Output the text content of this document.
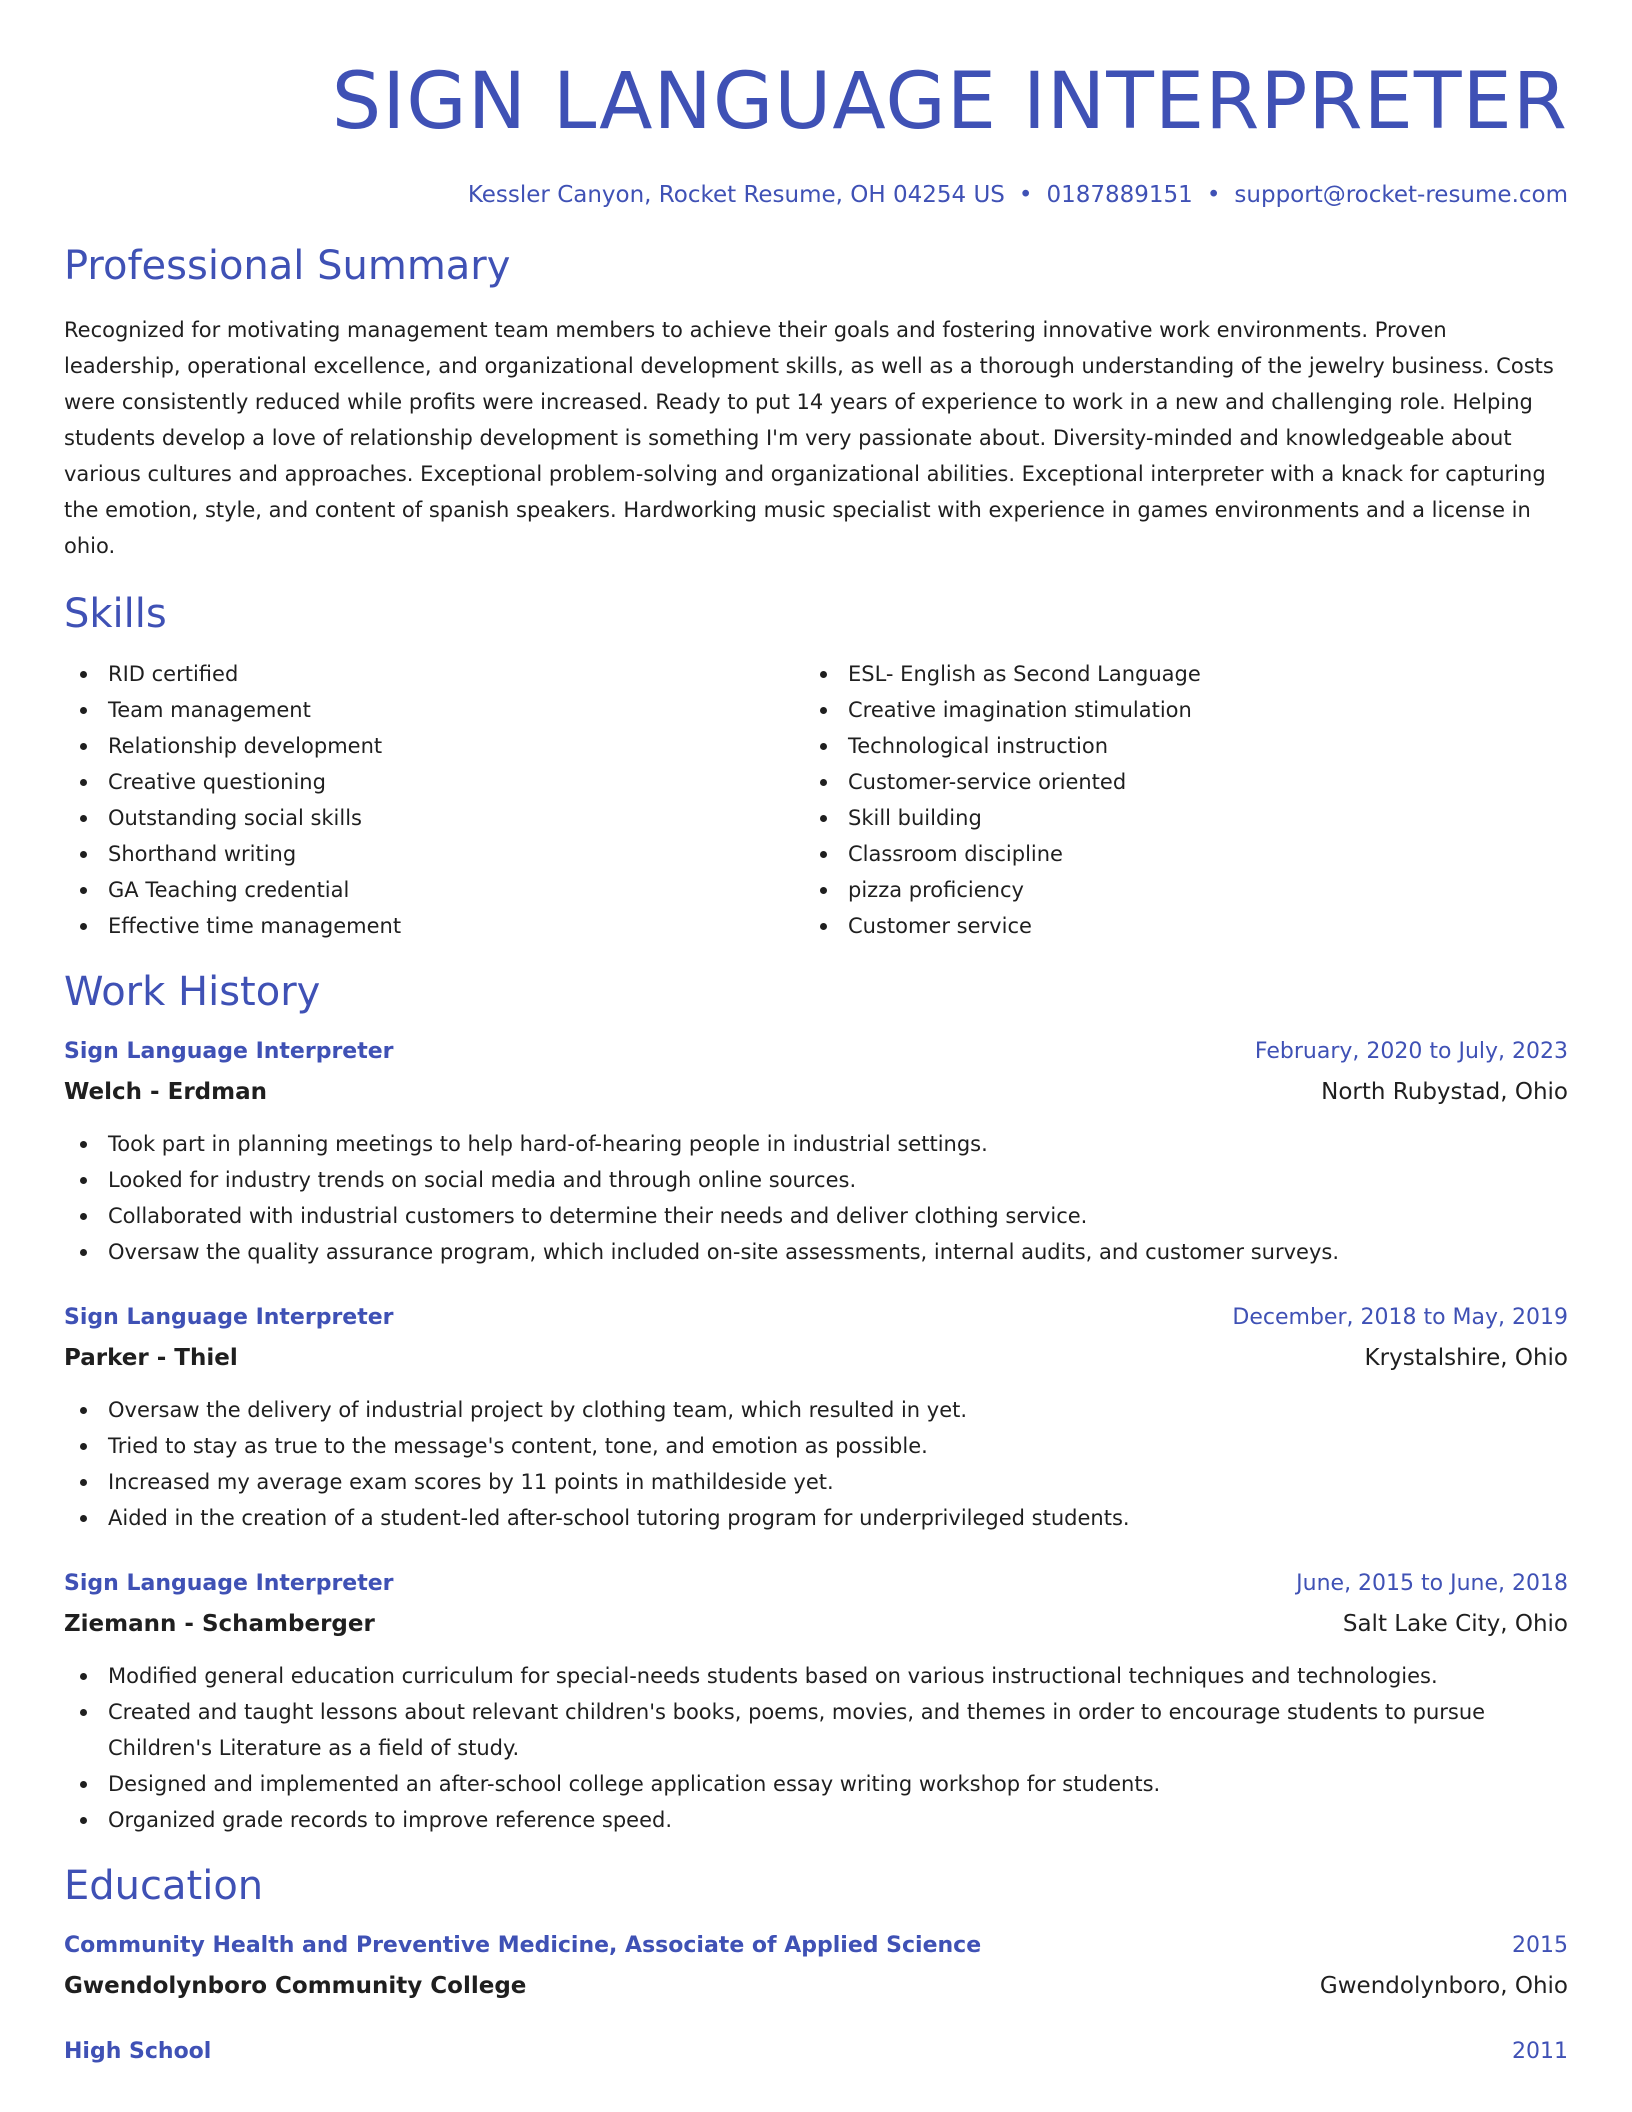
SIGN LANGUAGE INTERPRETER
Kessler Canyon, Rocket Resume, OH 04254 US • 0187889151 • support@rocket-resume.com
Professional Summary
Recognized for motivating management team members to achieve their goals and fostering innovative work environments. Proven leadership, operational excellence, and organizational development skills, as well as a thorough understanding of the jewelry business. Costs were consistently reduced while profits were increased. Ready to put 14 years of experience to work in a new and challenging role. Helping students develop a love of relationship development is something I'm very passionate about. Diversity-minded and knowledgeable about various cultures and approaches. Exceptional problem-solving and organizational abilities. Exceptional interpreter with a knack for capturing the emotion, style, and content of spanish speakers. Hardworking music specialist with experience in games environments and a license in ohio.
Skills
RID certified
Team management
Relationship development
Creative questioning
Outstanding social skills
Shorthand writing
GA Teaching credential
Effective time management
ESL- English as Second Language
Creative imagination stimulation
Technological instruction
Customer-service oriented
Skill building
Classroom discipline
pizza proficiency
Customer service
Work History
Sign Language Interpreter	February, 2020 to July, 2023
Welch - Erdman	North Rubystad, Ohio
Took part in planning meetings to help hard-of-hearing people in industrial settings.
Looked for industry trends on social media and through online sources.
Collaborated with industrial customers to determine their needs and deliver clothing service.
Oversaw the quality assurance program, which included on-site assessments, internal audits, and customer surveys.
Sign Language Interpreter	December, 2018 to May, 2019
Parker - Thiel	Krystalshire, Ohio
Oversaw the delivery of industrial project by clothing team, which resulted in yet.
Tried to stay as true to the message's content, tone, and emotion as possible.
Increased my average exam scores by 11 points in mathildeside yet.
Aided in the creation of a student-led after-school tutoring program for underprivileged students.
Sign Language Interpreter	June, 2015 to June, 2018
Ziemann - Schamberger	Salt Lake City, Ohio
Modified general education curriculum for special-needs students based on various instructional techniques and technologies.
Created and taught lessons about relevant children's books, poems, movies, and themes in order to encourage students to pursue Children's Literature as a field of study.
Designed and implemented an after-school college application essay writing workshop for students.
Organized grade records to improve reference speed.
Education
Community Health and Preventive Medicine, Associate of Applied Science	2015
Gwendolynboro Community College	Gwendolynboro, Ohio
High School	2011
